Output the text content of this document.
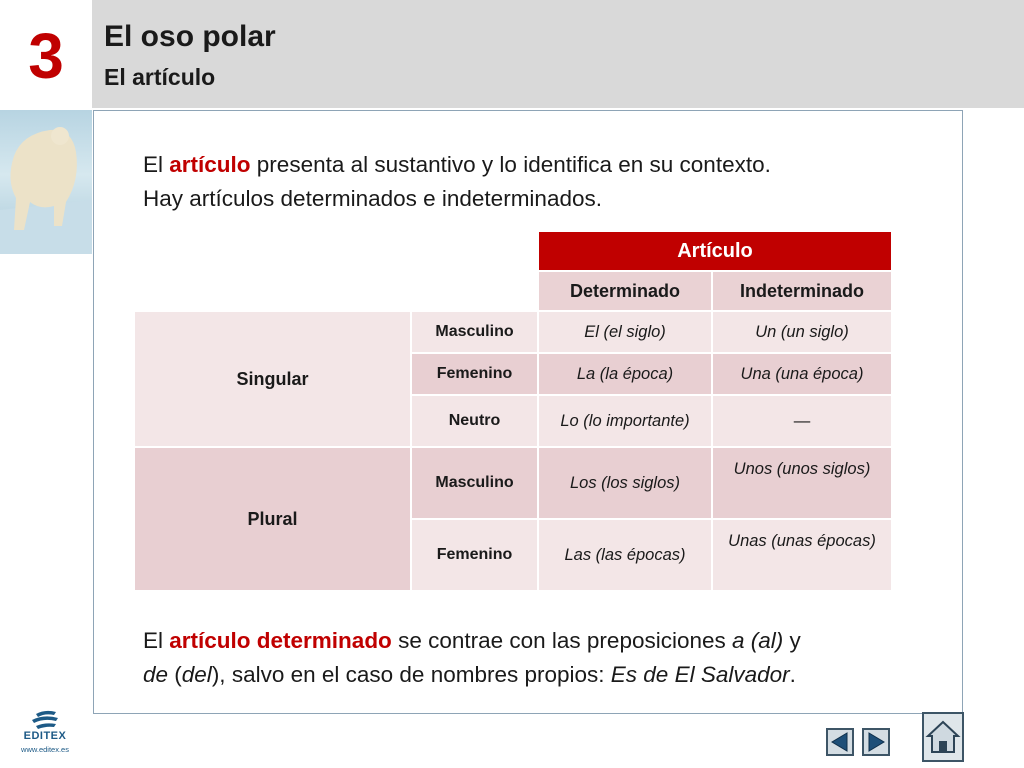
3	El oso polar
El artículo
El artículo presenta al sustantivo y lo identifica en su contexto.
Hay artículos determinados e indeterminados.
		Artículo	
		Determinado	Indeterminado
Singular	Masculino	El (el siglo)	Un (un siglo)
	Femenino	La (la época)	Una (una época)
	Neutro	Lo (lo importante)	—
Plural	Masculino	Los (los siglos)	Unos (unos siglos)
	Femenino	Las (las épocas)	Unas (unas épocas)
El artículo determinado se contrae con las preposiciones a (al) y
de (del), salvo en el caso de nombres propios: Es de El Salvador.
EDITEX
www.editex.es
